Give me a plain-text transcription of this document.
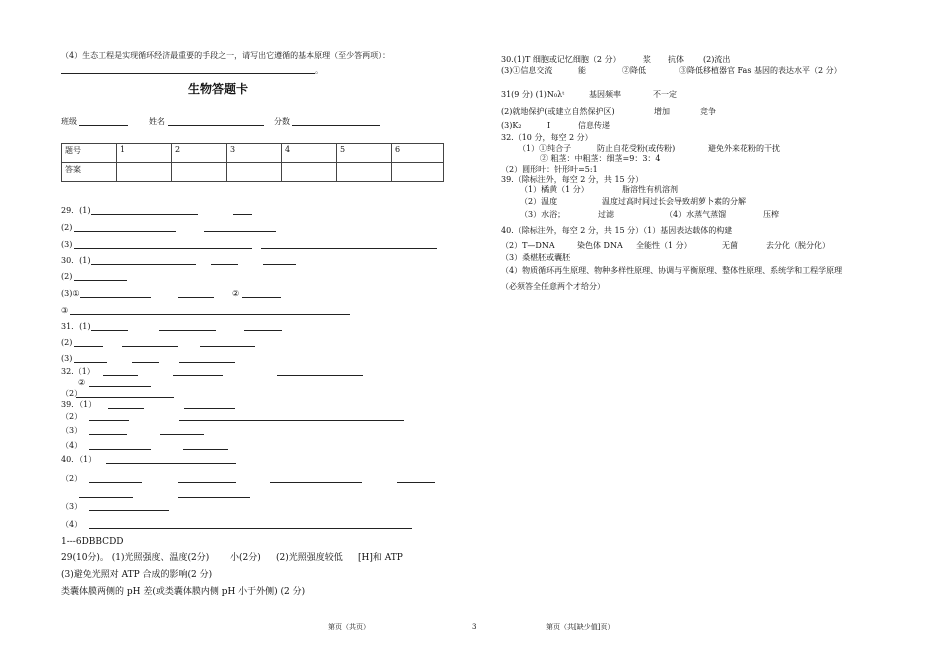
（4）生态工程是实现循环经济最重要的手段之一，请写出它遵循的基本原理（至少答两项）：
。
生物答题卡
班级	姓名	分数
题号	1	2	3	4	5	6
答案						
29．(1)
(2)
(3)
30．(1)
(2)
(3)①	②
③
31．(1)
(2)
(3)
32.（1）
②
（2）
39．（1）
（2）
（3）
（4）
40．（1）
（2）
（3）
（4）
1---6DBBCDD
29(10分)。 (1)光照强度、温度(2分) 小(2分) (2)光照强度较低 [H]和 ATP
(3)避免光照对 ATP 合成的影响(2 分)
类囊体膜两侧的 pH 差(或类囊体膜内侧 pH 小于外侧) (2 分)
30.(1)T 细胞或记忆细胞（2 分）	浆 抗体 (2)流出
(3)①信息交流	能	②降低	③降低移植器官 Fas 基因的表达水平（2 分）
31(9 分) (1)N₀λᵗ	基因频率	不一定
(2)就地保护(或建立自然保护区)	增加	竞争
(3)K₂	Ⅰ	信息传递
32.（10 分，每空 2 分）
（1）①纯合子	防止自花受粉(或传粉)	避免外来花粉的干扰
② 粗茎：中粗茎：细茎=9：3：4
（2）圆形叶：针形叶=5:1
39.（除标注外，每空 2 分，共 15 分）
（1）橘黄（1 分）	脂溶性有机溶剂
（2）温度	温度过高时间过长会导致胡萝卜素的分解
（3）水浴；	过滤	（4）水蒸气蒸馏	压榨
40.（除标注外，每空 2 分，共 15 分）（1）基因表达载体的构建
（2）T—DNA	染色体 DNA 全能性（1 分）	无菌	去分化（脱分化）
（3）桑椹胚或囊胚
（4）物质循环再生原理、物种多样性原理、协调与平衡原理、整体性原理、系统学和工程学原理
（必须答全任意两个才给分）
第页（共页）	3	第页（共[缺少值]页）
